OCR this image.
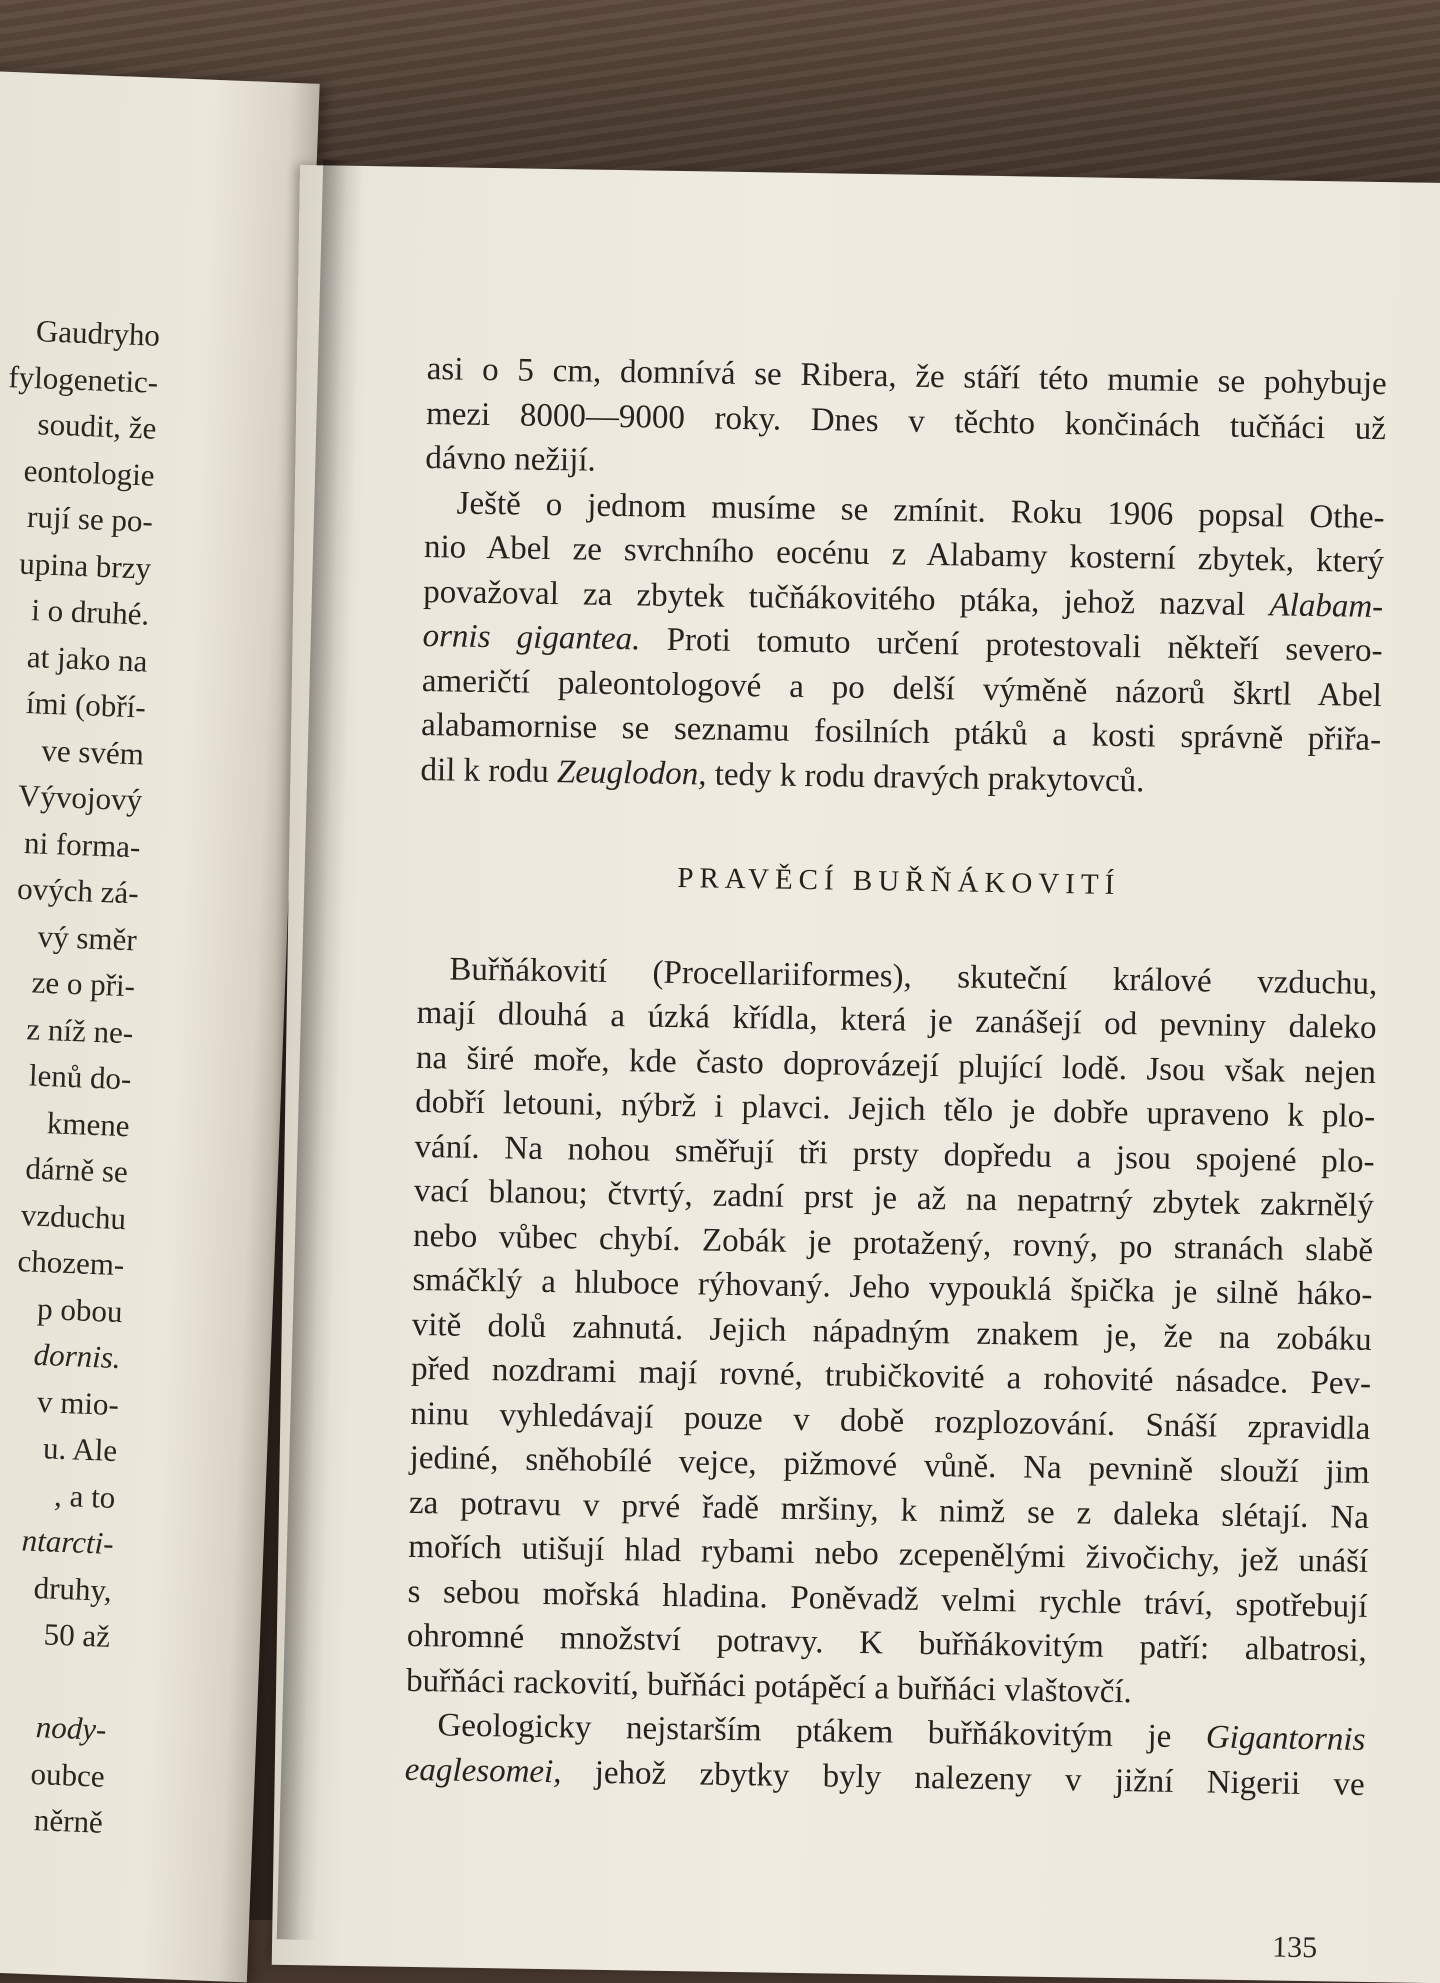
Gaudryho
fylogenetic-
soudit, že
eontologie
rují se po-
upina brzy
i o druhé.
at jako na
ími (obří-
ve svém
Vývojový
ni forma-
ových zá-
vý směr
ze o při-
z níž ne-
lenů do-
kmene
dárně se
vzduchu
chozem-
p obou
dornis.
v mio-
u. Ale
, a to
ntarcti-
druhy,
50 až

nody-
oubce
něrně

asi o 5 cm, domnívá se Ribera, že stáří této mumie se pohybuje
mezi 8000—9000 roky. Dnes v těchto končinách tučňáci už
dávno nežijí.

Ještě o jednom musíme se zmínit. Roku 1906 popsal Othe-
nio Abel ze svrchního eocénu z Alabamy kosterní zbytek, který
považoval za zbytek tučňákovitého ptáka, jehož nazval Alabam-
ornis gigantea. Proti tomuto určení protestovali někteří severo-
američtí paleontologové a po delší výměně názorů škrtl Abel
alabamornise se seznamu fosilních ptáků a kosti správně přiřa-
dil k rodu Zeuglodon, tedy k rodu dravých prakytovců.

PRAVĚCÍ BUŘŇÁKOVITÍ

Buřňákovití (Procellariiformes), skuteční králové vzduchu,
mají dlouhá a úzká křídla, která je zanášejí od pevniny daleko
na širé moře, kde často doprovázejí plující lodě. Jsou však nejen
dobří letouni, nýbrž i plavci. Jejich tělo je dobře upraveno k plo-
vání. Na nohou směřují tři prsty dopředu a jsou spojené plo-
vací blanou; čtvrtý, zadní prst je až na nepatrný zbytek zakrnělý
nebo vůbec chybí. Zobák je protažený, rovný, po stranách slabě
smáčklý a hluboce rýhovaný. Jeho vypouklá špička je silně háko-
vitě dolů zahnutá. Jejich nápadným znakem je, že na zobáku
před nozdrami mají rovné, trubičkovité a rohovité násadce. Pev-
ninu vyhledávají pouze v době rozplozování. Snáší zpravidla
jediné, sněhobílé vejce, pižmové vůně. Na pevnině slouží jim
za potravu v prvé řadě mršiny, k nimž se z daleka slétají. Na
mořích utišují hlad rybami nebo zcepenělými živočichy, jež unáší
s sebou mořská hladina. Poněvadž velmi rychle tráví, spotřebují
ohromné množství potravy. K buřňákovitým patří: albatrosi,
buřňáci rackovití, buřňáci potápěcí a buřňáci vlaštovčí.

Geologicky nejstarším ptákem buřňákovitým je Gigantornis
eaglesomei, jehož zbytky byly nalezeny v jižní Nigerii ve

135
